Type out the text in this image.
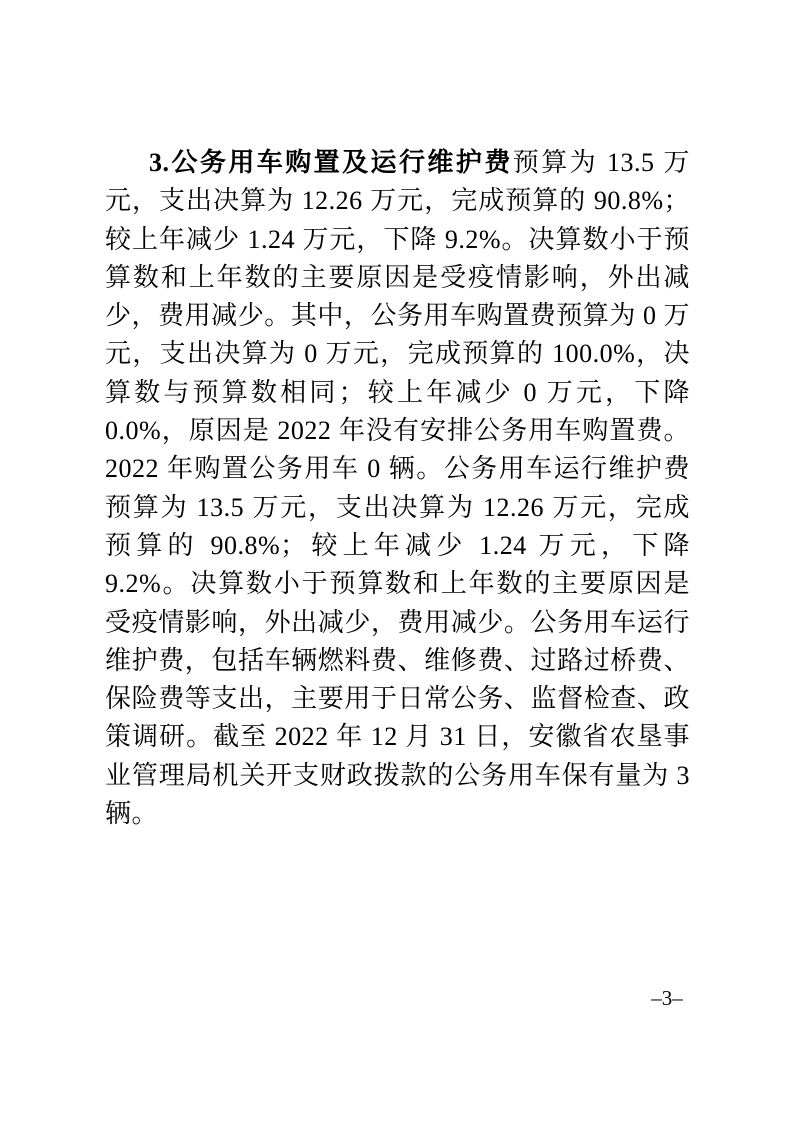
3.公务用车购置及运行维护费预算为 13.5 万元，支出决算为 12.26 万元，完成预算的 90.8%；较上年减少 1.24 万元，下降 9.2%。决算数小于预算数和上年数的主要原因是受疫情影响，外出减少，费用减少。其中，公务用车购置费预算为 0 万元，支出决算为 0 万元，完成预算的 100.0%，决算数与预算数相同；较上年减少 0 万元，下降 0.0%，原因是 2022 年没有安排公务用车购置费。2022 年购置公务用车 0 辆。公务用车运行维护费预算为 13.5 万元，支出决算为 12.26 万元，完成预算的 90.8%；较上年减少 1.24 万元，下降 9.2%。决算数小于预算数和上年数的主要原因是受疫情影响，外出减少，费用减少。公务用车运行维护费，包括车辆燃料费、维修费、过路过桥费、保险费等支出，主要用于日常公务、监督检查、政策调研。截至 2022 年 12 月 31 日，安徽省农垦事业管理局机关开支财政拨款的公务用车保有量为 3 辆。

–3–
